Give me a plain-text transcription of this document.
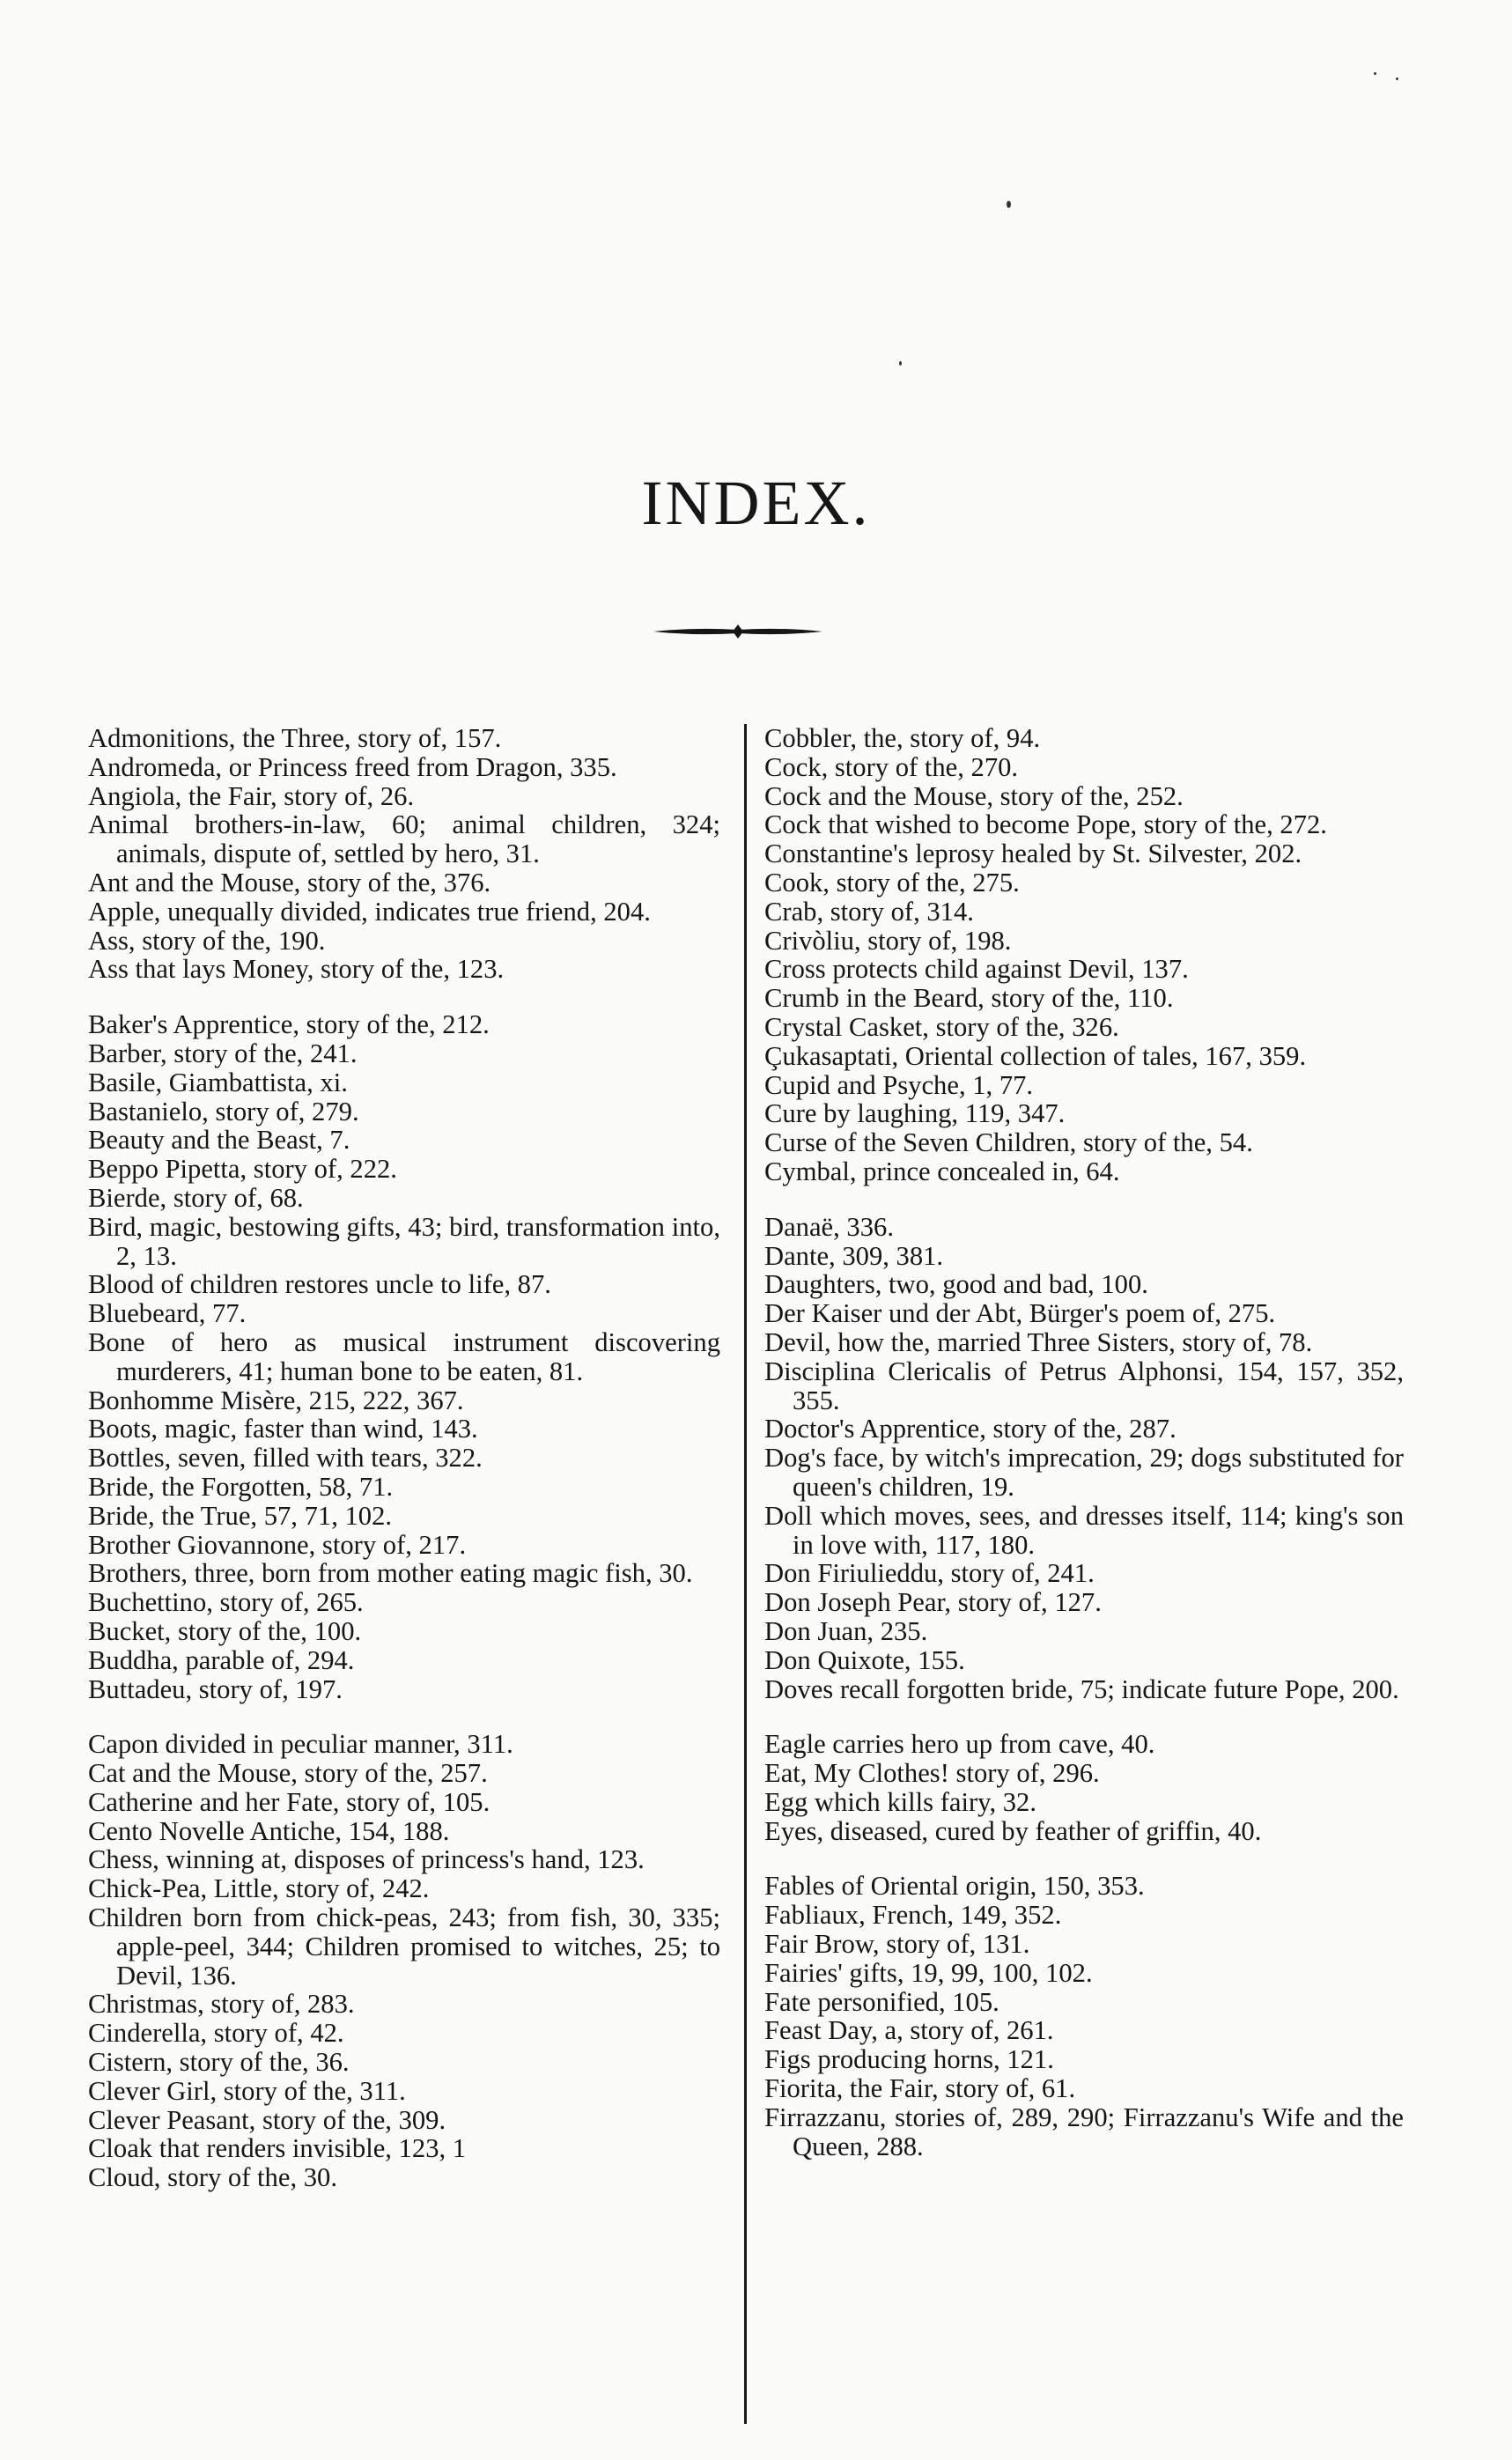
INDEX.
Admonitions, the Three, story of, 157.
Andromeda, or Princess freed from Dragon, 335.
Angiola, the Fair, story of, 26.
Animal brothers-in-law, 60; animal children, 324; animals, dispute of, settled by hero, 31.
Ant and the Mouse, story of the, 376.
Apple, unequally divided, indicates true friend, 204.
Ass, story of the, 190.
Ass that lays Money, story of the, 123.
Baker's Apprentice, story of the, 212.
Barber, story of the, 241.
Basile, Giambattista, xi.
Bastanielo, story of, 279.
Beauty and the Beast, 7.
Beppo Pipetta, story of, 222.
Bierde, story of, 68.
Bird, magic, bestowing gifts, 43; bird, transformation into, 2, 13.
Blood of children restores uncle to life, 87.
Bluebeard, 77.
Bone of hero as musical instrument discovering murderers, 41; human bone to be eaten, 81.
Bonhomme Misère, 215, 222, 367.
Boots, magic, faster than wind, 143.
Bottles, seven, filled with tears, 322.
Bride, the Forgotten, 58, 71.
Bride, the True, 57, 71, 102.
Brother Giovannone, story of, 217.
Brothers, three, born from mother eating magic fish, 30.
Buchettino, story of, 265.
Bucket, story of the, 100.
Buddha, parable of, 294.
Buttadeu, story of, 197.
Capon divided in peculiar manner, 311.
Cat and the Mouse, story of the, 257.
Catherine and her Fate, story of, 105.
Cento Novelle Antiche, 154, 188.
Chess, winning at, disposes of princess's hand, 123.
Chick-Pea, Little, story of, 242.
Children born from chick-peas, 243; from fish, 30, 335; apple-peel, 344; Children promised to witches, 25; to Devil, 136.
Christmas, story of, 283.
Cinderella, story of, 42.
Cistern, story of the, 36.
Clever Girl, story of the, 311.
Clever Peasant, story of the, 309.
Cloak that renders invisible, 123, 1
Cloud, story of the, 30.
Cobbler, the, story of, 94.
Cock, story of the, 270.
Cock and the Mouse, story of the, 252.
Cock that wished to become Pope, story of the, 272.
Constantine's leprosy healed by St. Silvester, 202.
Cook, story of the, 275.
Crab, story of, 314.
Crivòliu, story of, 198.
Cross protects child against Devil, 137.
Crumb in the Beard, story of the, 110.
Crystal Casket, story of the, 326.
Çukasaptati, Oriental collection of tales, 167, 359.
Cupid and Psyche, 1, 77.
Cure by laughing, 119, 347.
Curse of the Seven Children, story of the, 54.
Cymbal, prince concealed in, 64.
Danaë, 336.
Dante, 309, 381.
Daughters, two, good and bad, 100.
Der Kaiser und der Abt, Bürger's poem of, 275.
Devil, how the, married Three Sisters, story of, 78.
Disciplina Clericalis of Petrus Alphonsi, 154, 157, 352, 355.
Doctor's Apprentice, story of the, 287.
Dog's face, by witch's imprecation, 29; dogs substituted for queen's children, 19.
Doll which moves, sees, and dresses itself, 114; king's son in love with, 117, 180.
Don Firiulieddu, story of, 241.
Don Joseph Pear, story of, 127.
Don Juan, 235.
Don Quixote, 155.
Doves recall forgotten bride, 75; indicate future Pope, 200.
Eagle carries hero up from cave, 40.
Eat, My Clothes! story of, 296.
Egg which kills fairy, 32.
Eyes, diseased, cured by feather of griffin, 40.
Fables of Oriental origin, 150, 353.
Fabliaux, French, 149, 352.
Fair Brow, story of, 131.
Fairies' gifts, 19, 99, 100, 102.
Fate personified, 105.
Feast Day, a, story of, 261.
Figs producing horns, 121.
Fiorita, the Fair, story of, 61.
Firrazzanu, stories of, 289, 290; Firrazzanu's Wife and the Queen, 288.
